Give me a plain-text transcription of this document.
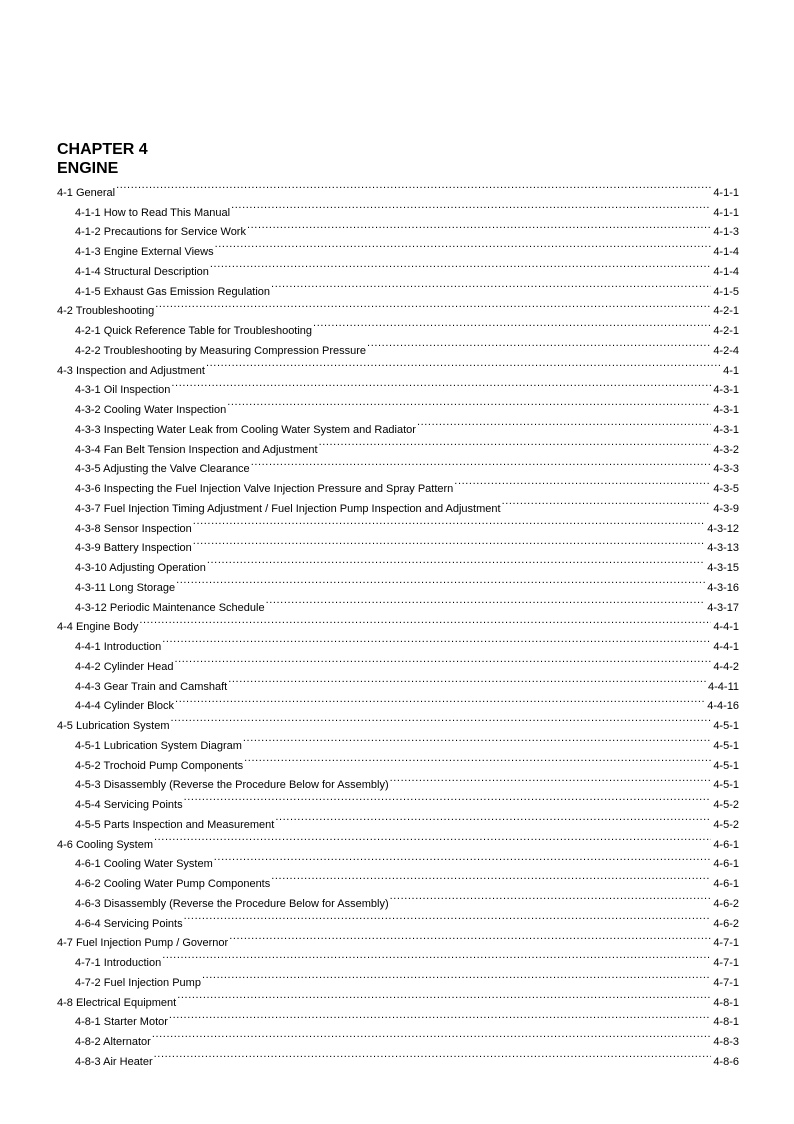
CHAPTER 4
ENGINE
4-1 General .....	4-1-1
4-1-1 How to Read This Manual .....	4-1-1
4-1-2 Precautions for Service Work .....	4-1-3
4-1-3 Engine External Views .....	4-1-4
4-1-4 Structural Description .....	4-1-4
4-1-5 Exhaust Gas Emission Regulation .....	4-1-5
4-2 Troubleshooting .....	4-2-1
4-2-1 Quick Reference Table for Troubleshooting .....	4-2-1
4-2-2 Troubleshooting by Measuring Compression Pressure .....	4-2-4
4-3 Inspection and Adjustment .....	4-1
4-3-1 Oil Inspection .....	4-3-1
4-3-2 Cooling Water Inspection .....	4-3-1
4-3-3 Inspecting Water Leak from Cooling Water System and Radiator .....	4-3-1
4-3-4 Fan Belt Tension Inspection and Adjustment .....	4-3-2
4-3-5 Adjusting the Valve Clearance .....	4-3-3
4-3-6 Inspecting the Fuel Injection Valve Injection Pressure and Spray Pattern .....	4-3-5
4-3-7 Fuel Injection Timing Adjustment / Fuel Injection Pump Inspection and Adjustment .....	4-3-9
4-3-8 Sensor Inspection .....	4-3-12
4-3-9 Battery Inspection .....	4-3-13
4-3-10 Adjusting Operation .....	4-3-15
4-3-11 Long Storage .....	4-3-16
4-3-12 Periodic Maintenance Schedule .....	4-3-17
4-4 Engine Body .....	4-4-1
4-4-1 Introduction .....	4-4-1
4-4-2 Cylinder Head .....	4-4-2
4-4-3 Gear Train and Camshaft .....	4-4-11
4-4-4 Cylinder Block .....	4-4-16
4-5 Lubrication System .....	4-5-1
4-5-1 Lubrication System Diagram .....	4-5-1
4-5-2 Trochoid Pump Components .....	4-5-1
4-5-3 Disassembly (Reverse the Procedure Below for Assembly) .....	4-5-1
4-5-4 Servicing Points .....	4-5-2
4-5-5 Parts Inspection and Measurement .....	4-5-2
4-6 Cooling System .....	4-6-1
4-6-1 Cooling Water System .....	4-6-1
4-6-2 Cooling Water Pump Components .....	4-6-1
4-6-3 Disassembly (Reverse the Procedure Below for Assembly) .....	4-6-2
4-6-4 Servicing Points .....	4-6-2
4-7 Fuel Injection Pump / Governor .....	4-7-1
4-7-1 Introduction .....	4-7-1
4-7-2 Fuel Injection Pump .....	4-7-1
4-8 Electrical Equipment .....	4-8-1
4-8-1 Starter Motor .....	4-8-1
4-8-2 Alternator .....	4-8-3
4-8-3 Air Heater .....	4-8-6
